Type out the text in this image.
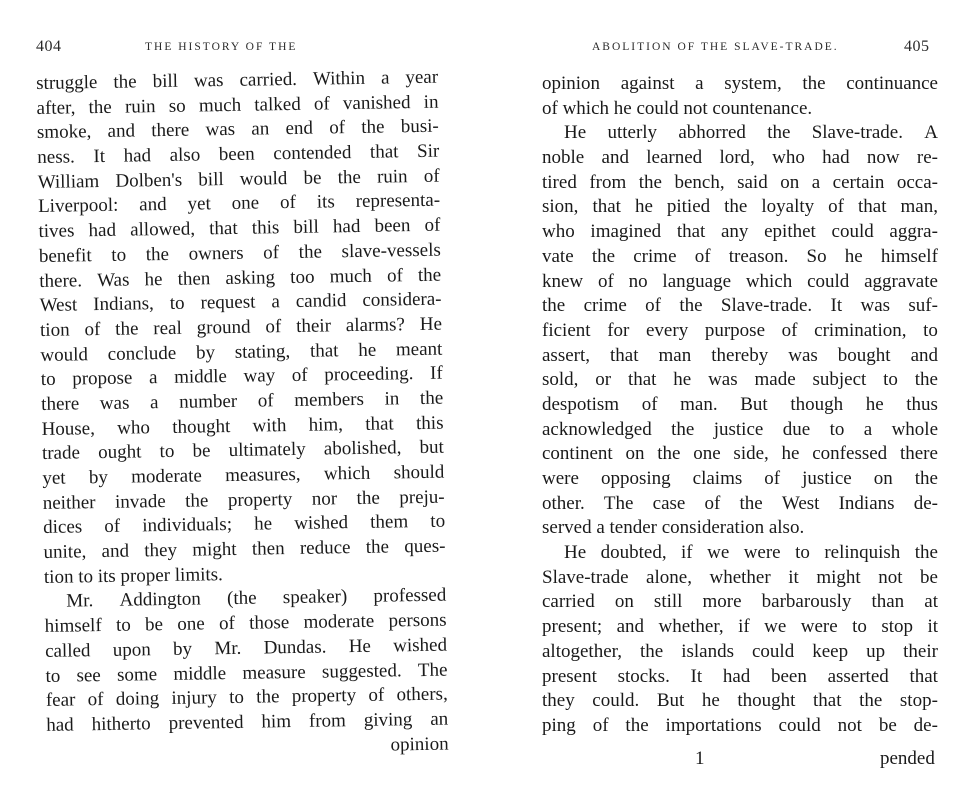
404	THE HISTORY OF THE
struggle the bill was carried. Within a year
after, the ruin so much talked of vanished in
smoke, and there was an end of the busi-
ness. It had also been contended that Sir
William Dolben's bill would be the ruin of
Liverpool: and yet one of its representa-
tives had allowed, that this bill had been of
benefit to the owners of the slave-vessels
there. Was he then asking too much of the
West Indians, to request a candid considera-
tion of the real ground of their alarms? He
would conclude by stating, that he meant
to propose a middle way of proceeding. If
there was a number of members in the
House, who thought with him, that this
trade ought to be ultimately abolished, but
yet by moderate measures, which should
neither invade the property nor the preju-
dices of individuals; he wished them to
unite, and they might then reduce the ques-
tion to its proper limits.
Mr. Addington (the speaker) professed
himself to be one of those moderate persons
called upon by Mr. Dundas. He wished
to see some middle measure suggested. The
fear of doing injury to the property of others,
had hitherto prevented him from giving an
opinion
ABOLITION OF THE SLAVE-TRADE.	405
opinion against a system, the continuance
of which he could not countenance.
He utterly abhorred the Slave-trade. A
noble and learned lord, who had now re-
tired from the bench, said on a certain occa-
sion, that he pitied the loyalty of that man,
who imagined that any epithet could aggra-
vate the crime of treason. So he himself
knew of no language which could aggravate
the crime of the Slave-trade. It was suf-
ficient for every purpose of crimination, to
assert, that man thereby was bought and
sold, or that he was made subject to the
despotism of man. But though he thus
acknowledged the justice due to a whole
continent on the one side, he confessed there
were opposing claims of justice on the
other. The case of the West Indians de-
served a tender consideration also.
He doubted, if we were to relinquish the
Slave-trade alone, whether it might not be
carried on still more barbarously than at
present; and whether, if we were to stop it
altogether, the islands could keep up their
present stocks. It had been asserted that
they could. But he thought that the stop-
ping of the importations could not be de-
1	pended
